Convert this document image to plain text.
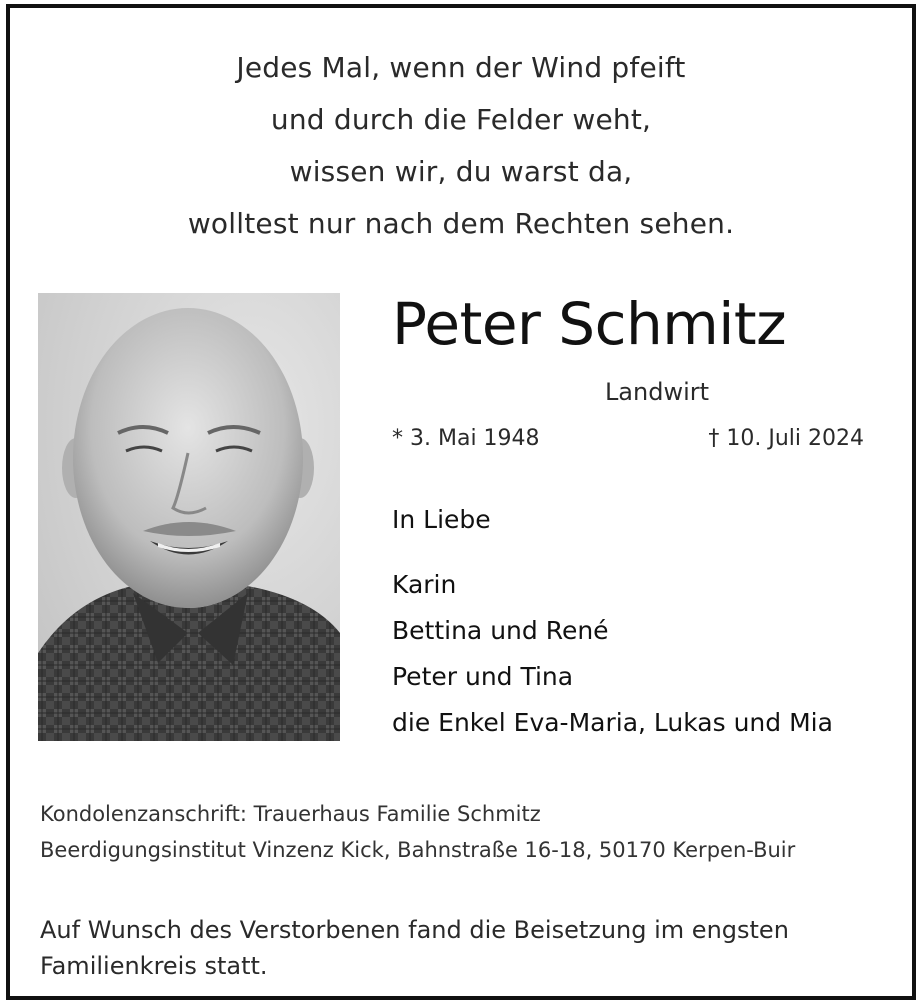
Jedes Mal, wenn der Wind pfeift
und durch die Felder weht,
wissen wir, du warst da,
wolltest nur nach dem Rechten sehen.
Peter Schmitz
Landwirt
* 3. Mai 1948	† 10. Juli 2024
In Liebe
Karin
Bettina und René
Peter und Tina
die Enkel Eva-Maria, Lukas und Mia
Kondolenzanschrift: Trauerhaus Familie Schmitz
Beerdigungsinstitut Vinzenz Kick, Bahnstraße 16-18, 50170 Kerpen-Buir
Auf Wunsch des Verstorbenen fand die Beisetzung im engsten Familienkreis statt.
